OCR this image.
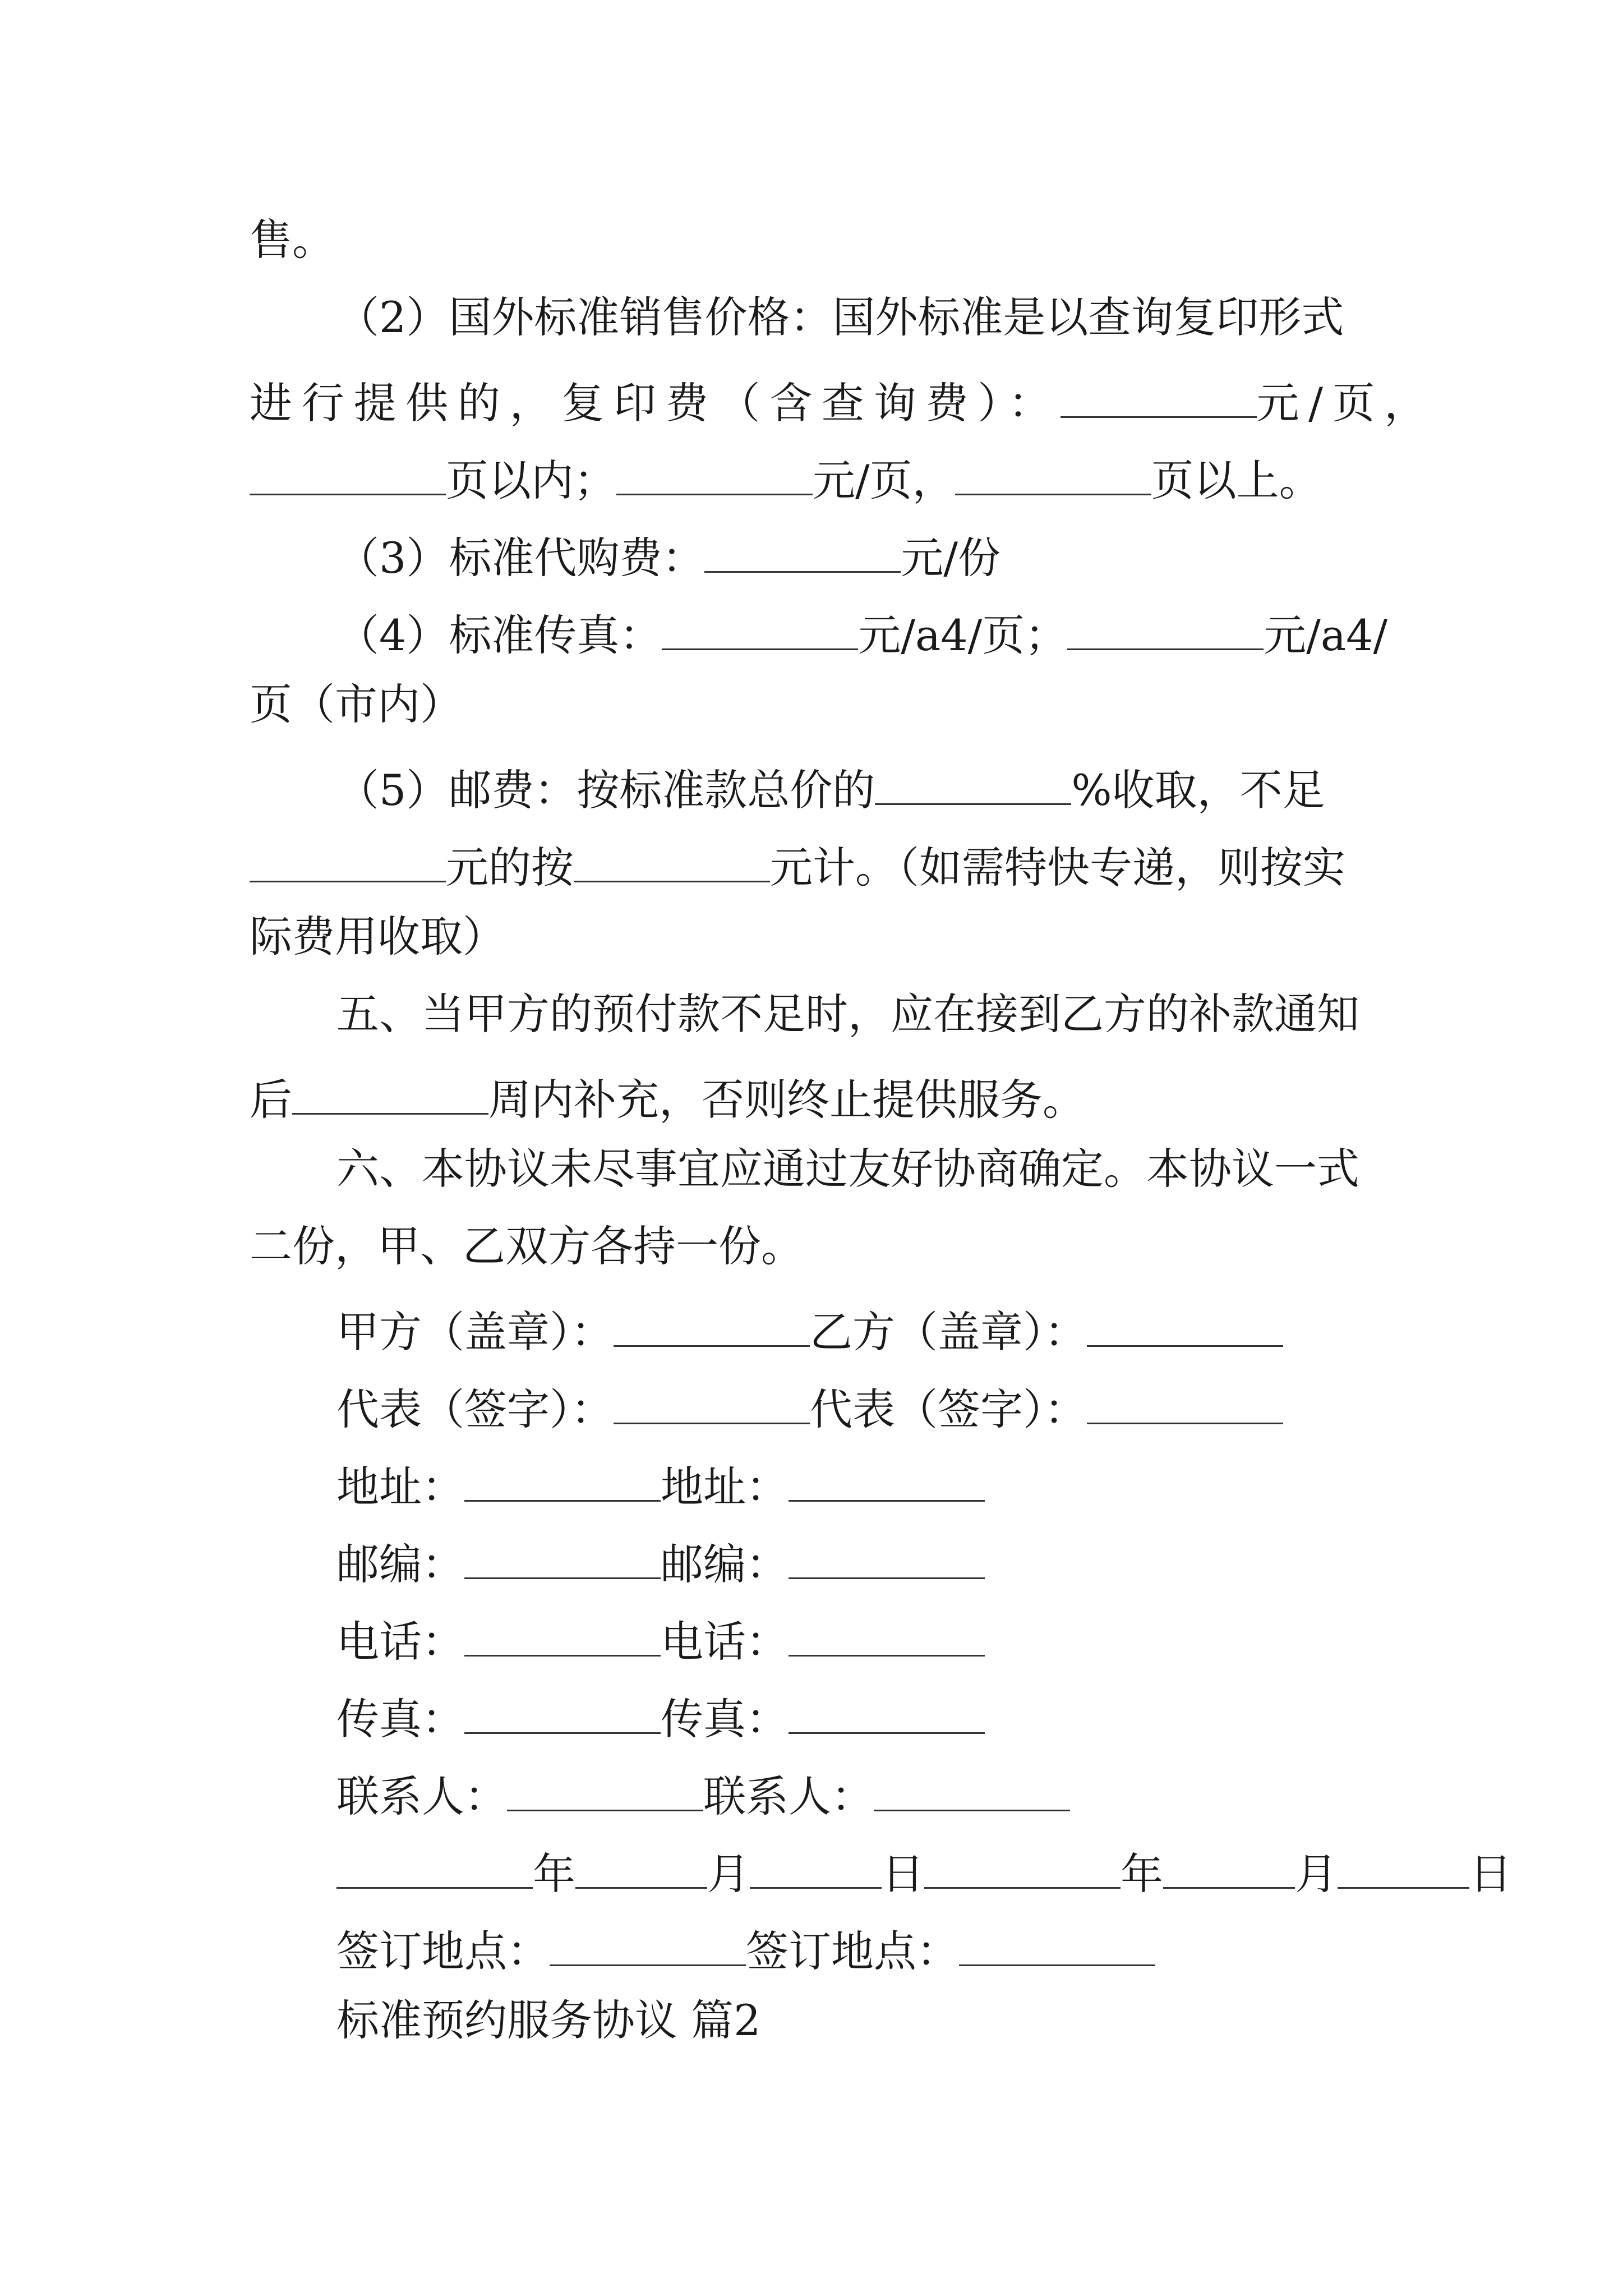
售。
（2）国外标准销售价格：国外标准是以查询复印形式
进行提供的，复印费（含查询费）：	元/页，
页以内；	元/页，	页以上。
（3）标准代购费：	元/份
（4）标准传真：	元/a4/页；	元/a4/
页（市内）
（5）邮费：按标准款总价的	%收取，不足
元的按	元计。（如需特快专递，则按实
际费用收取）
五、当甲方的预付款不足时，应在接到乙方的补款通知
后	周内补充，否则终止提供服务。
六、本协议未尽事宜应通过友好协商确定。本协议一式
二份，甲、乙双方各持一份。
甲方（盖章）：	乙方（盖章）：
代表（签字）：	代表（签字）：
地址：	地址：
邮编：	邮编：
电话：	电话：
传真：	传真：
联系人：	联系人：
年	月	日	年	月	日
签订地点：	签订地点：
标准预约服务协议 篇2
